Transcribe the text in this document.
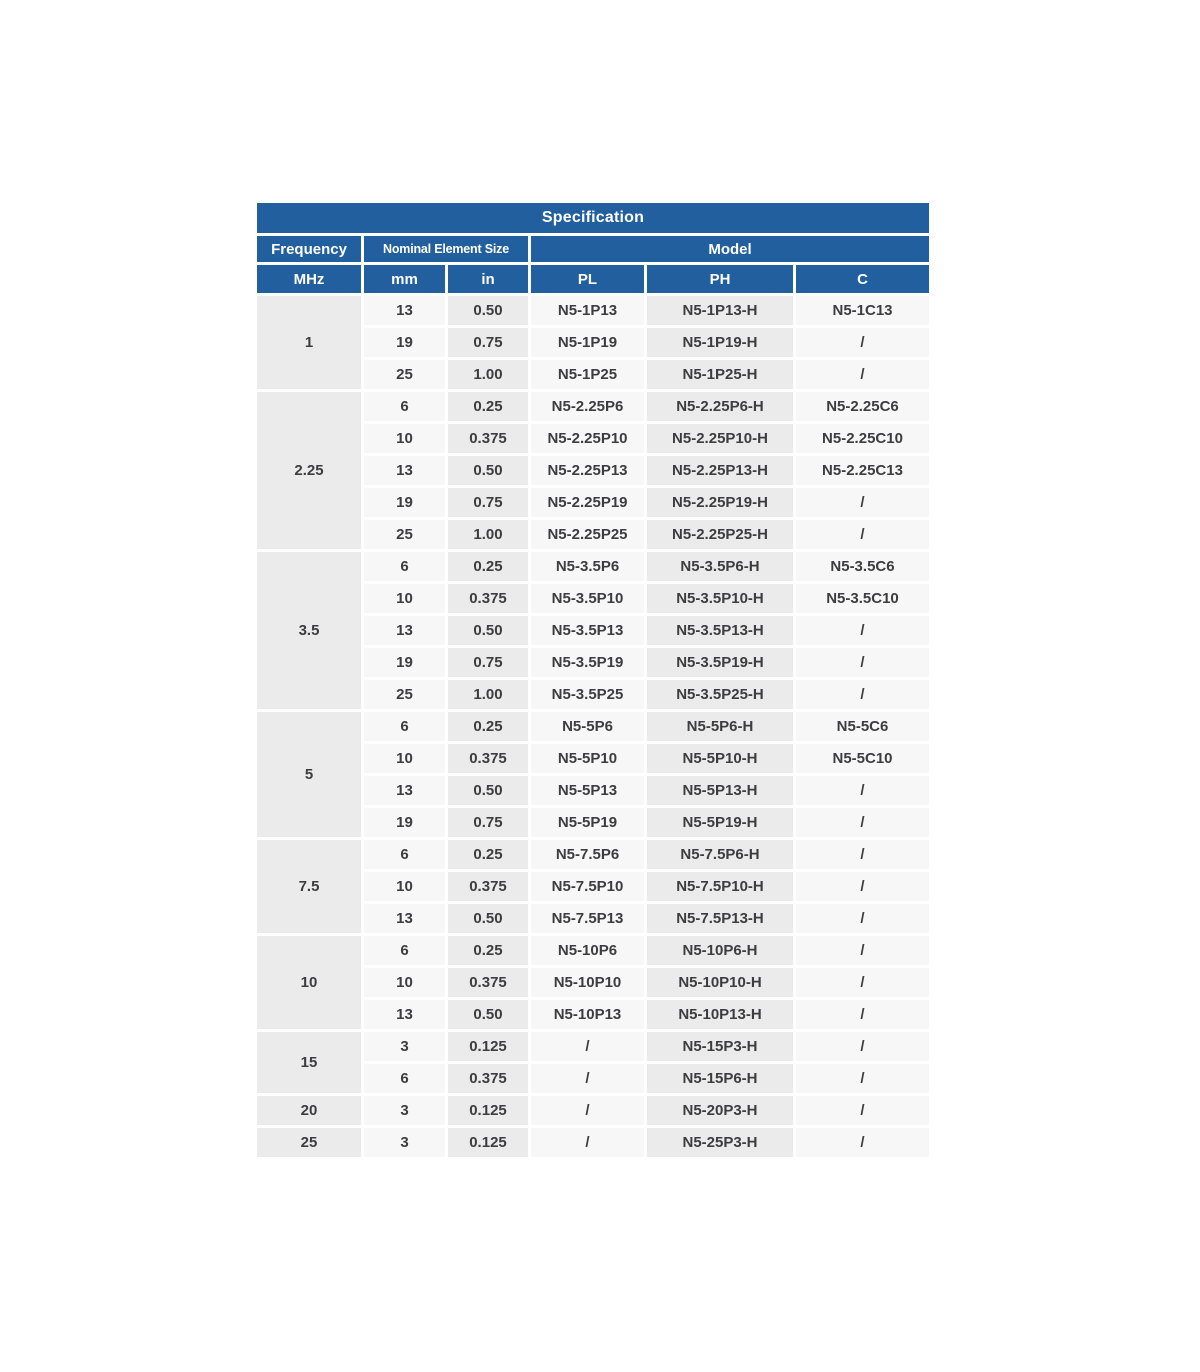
Specification					
Frequency	Nominal Element Size		Model		
MHz	mm	in	PL	PH	C
1	13	0.50	N5-1P13	N5-1P13-H	N5-1C13
	19	0.75	N5-1P19	N5-1P19-H	/
	25	1.00	N5-1P25	N5-1P25-H	/
2.25	6	0.25	N5-2.25P6	N5-2.25P6-H	N5-2.25C6
	10	0.375	N5-2.25P10	N5-2.25P10-H	N5-2.25C10
	13	0.50	N5-2.25P13	N5-2.25P13-H	N5-2.25C13
	19	0.75	N5-2.25P19	N5-2.25P19-H	/
	25	1.00	N5-2.25P25	N5-2.25P25-H	/
3.5	6	0.25	N5-3.5P6	N5-3.5P6-H	N5-3.5C6
	10	0.375	N5-3.5P10	N5-3.5P10-H	N5-3.5C10
	13	0.50	N5-3.5P13	N5-3.5P13-H	/
	19	0.75	N5-3.5P19	N5-3.5P19-H	/
	25	1.00	N5-3.5P25	N5-3.5P25-H	/
5	6	0.25	N5-5P6	N5-5P6-H	N5-5C6
	10	0.375	N5-5P10	N5-5P10-H	N5-5C10
	13	0.50	N5-5P13	N5-5P13-H	/
	19	0.75	N5-5P19	N5-5P19-H	/
7.5	6	0.25	N5-7.5P6	N5-7.5P6-H	/
	10	0.375	N5-7.5P10	N5-7.5P10-H	/
	13	0.50	N5-7.5P13	N5-7.5P13-H	/
10	6	0.25	N5-10P6	N5-10P6-H	/
	10	0.375	N5-10P10	N5-10P10-H	/
	13	0.50	N5-10P13	N5-10P13-H	/
15	3	0.125	/	N5-15P3-H	/
	6	0.375	/	N5-15P6-H	/
20	3	0.125	/	N5-20P3-H	/
25	3	0.125	/	N5-25P3-H	/
